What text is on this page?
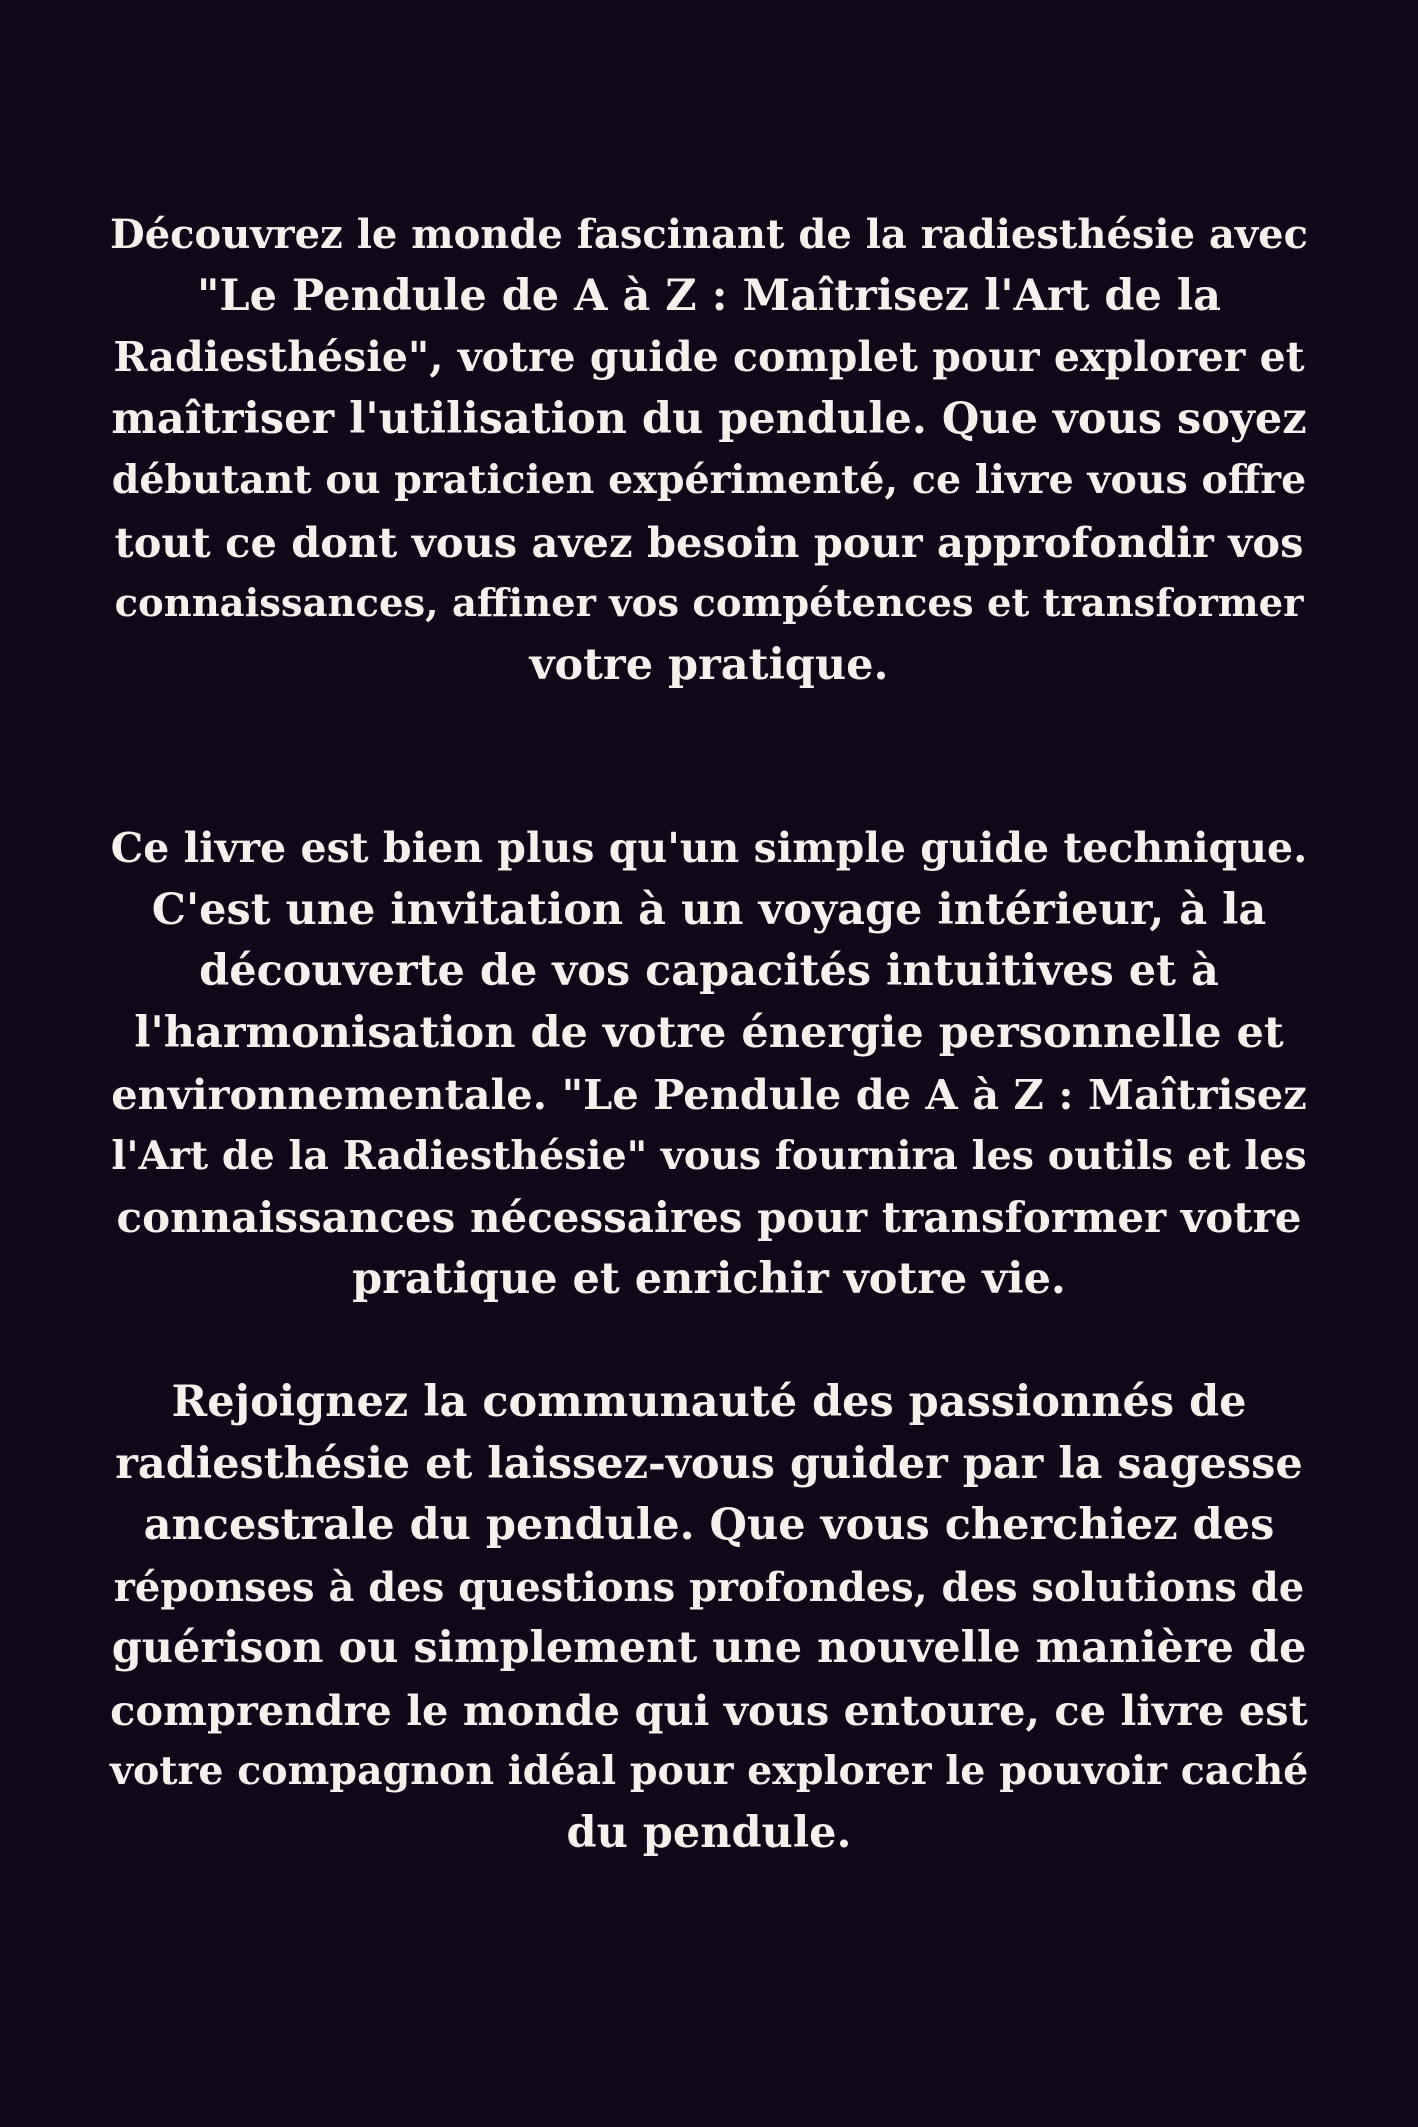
Découvrez le monde fascinant de la radiesthésie avec
"Le Pendule de A à Z : Maîtrisez l'Art de la
Radiesthésie", votre guide complet pour explorer et
maîtriser l'utilisation du pendule. Que vous soyez
débutant ou praticien expérimenté, ce livre vous offre
tout ce dont vous avez besoin pour approfondir vos
connaissances, affiner vos compétences et transformer
votre pratique.

Ce livre est bien plus qu'un simple guide technique.
C'est une invitation à un voyage intérieur, à la
découverte de vos capacités intuitives et à
l'harmonisation de votre énergie personnelle et
environnementale. "Le Pendule de A à Z : Maîtrisez
l'Art de la Radiesthésie" vous fournira les outils et les
connaissances nécessaires pour transformer votre
pratique et enrichir votre vie.

Rejoignez la communauté des passionnés de
radiesthésie et laissez-vous guider par la sagesse
ancestrale du pendule. Que vous cherchiez des
réponses à des questions profondes, des solutions de
guérison ou simplement une nouvelle manière de
comprendre le monde qui vous entoure, ce livre est
votre compagnon idéal pour explorer le pouvoir caché
du pendule.
